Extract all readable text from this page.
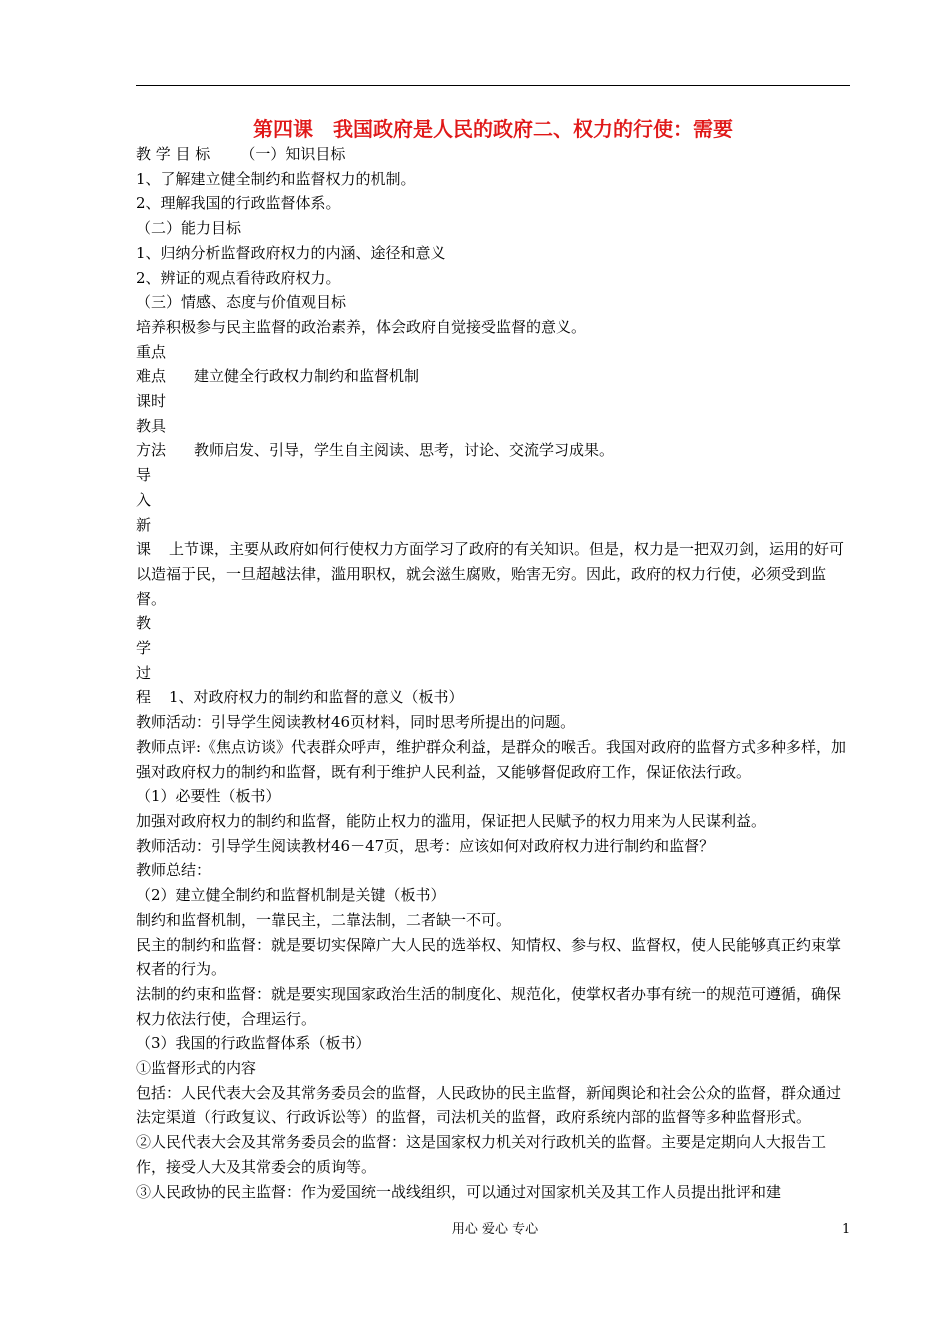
第四课　我国政府是人民的政府二、权力的行使：需要

教 学 目 标 （一）知识目标

1、了解建立健全制约和监督权力的机制。

2、理解我国的行政监督体系。

（二）能力目标

1、归纳分析监督政府权力的内涵、途径和意义

2、辨证的观点看待政府权力。

（三）情感、态度与价值观目标

培养积极参与民主监督的政治素养，体会政府自觉接受监督的意义。

重点

难点 建立健全行政权力制约和监督机制

课时

教具

方法 教师启发、引导，学生自主阅读、思考，讨论、交流学习成果。

导

入

新

课 上节课，主要从政府如何行使权力方面学习了政府的有关知识。但是，权力是一把双刃剑，运用的好可以造福于民，一旦超越法律，滥用职权，就会滋生腐败，贻害无穷。因此，政府的权力行使，必须受到监督。

教

学

过

程 1、对政府权力的制约和监督的意义（板书）

教师活动：引导学生阅读教材46页材料，同时思考所提出的问题。

教师点评:《焦点访谈》代表群众呼声，维护群众利益，是群众的喉舌。我国对政府的监督方式多种多样，加强对政府权力的制约和监督，既有利于维护人民利益，又能够督促政府工作，保证依法行政。

（1）必要性（板书）

加强对政府权力的制约和监督，能防止权力的滥用，保证把人民赋予的权力用来为人民谋利益。

教师活动：引导学生阅读教材46－47页，思考：应该如何对政府权力进行制约和监督？

教师总结：

（2）建立健全制约和监督机制是关键（板书）

制约和监督机制，一靠民主，二靠法制，二者缺一不可。

民主的制约和监督：就是要切实保障广大人民的选举权、知情权、参与权、监督权，使人民能够真正约束掌权者的行为。

法制的约束和监督：就是要实现国家政治生活的制度化、规范化，使掌权者办事有统一的规范可遵循，确保权力依法行使，合理运行。

（3）我国的行政监督体系（板书）

①监督形式的内容

包括：人民代表大会及其常务委员会的监督，人民政协的民主监督，新闻舆论和社会公众的监督，群众通过法定渠道（行政复议、行政诉讼等）的监督，司法机关的监督，政府系统内部的监督等多种监督形式。

②人民代表大会及其常务委员会的监督：这是国家权力机关对行政机关的监督。主要是定期向人大报告工作，接受人大及其常委会的质询等。

③人民政协的民主监督：作为爱国统一战线组织，可以通过对国家机关及其工作人员提出批评和建

用心 爱心 专心	1
